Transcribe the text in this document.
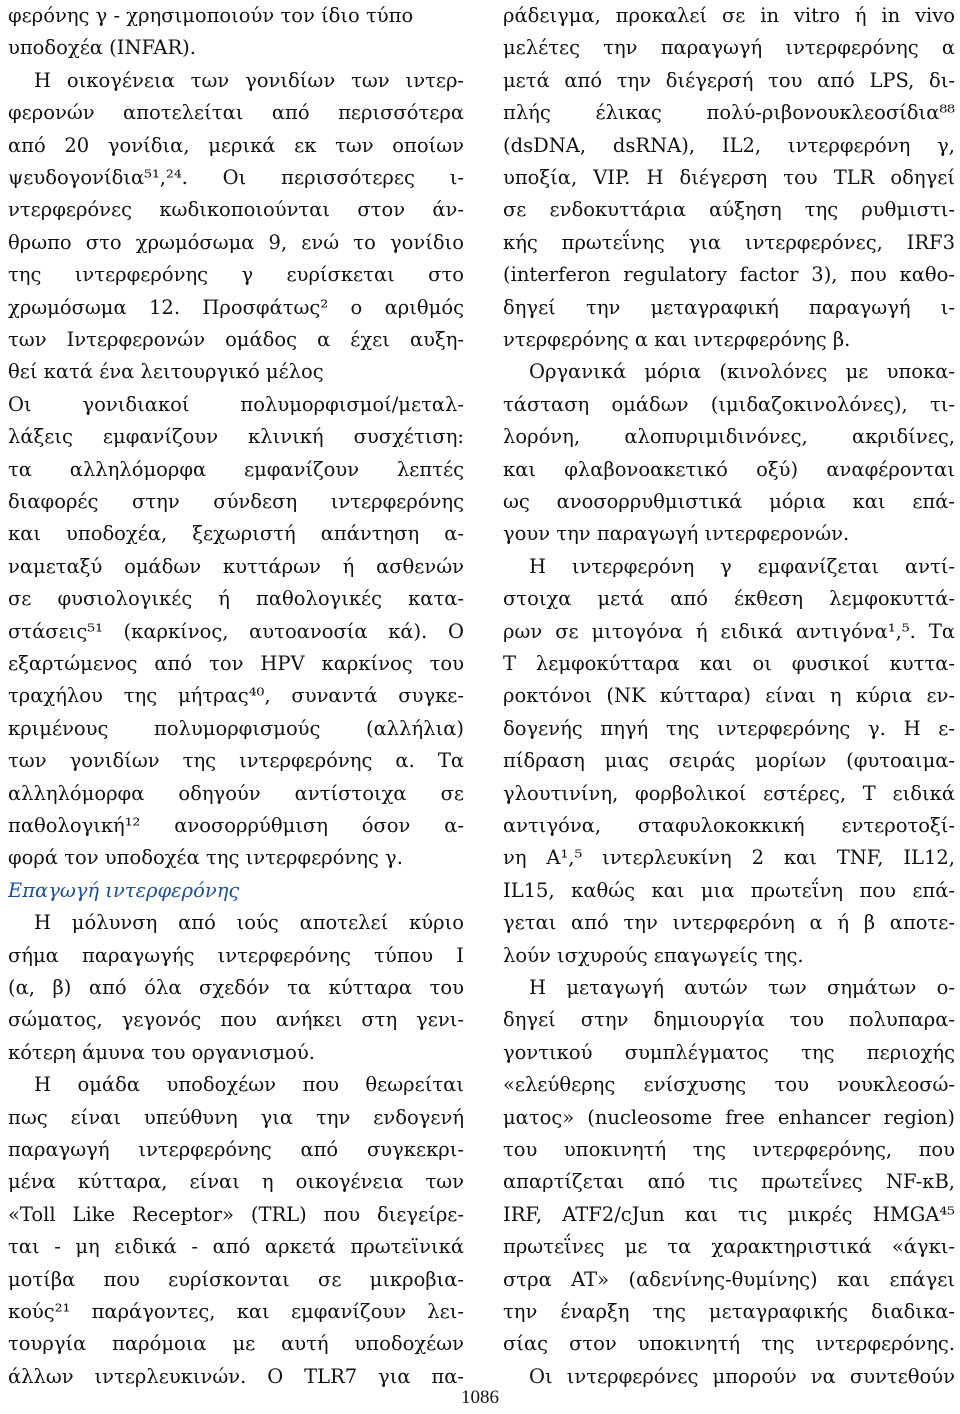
φερόνης γ - χρησιμοποιούν τον ίδιο τύπο
υποδοχέα (INFAR).
Η οικογένεια των γονιδίων των ιντερ-
φερονών αποτελείται από περισσότερα
από 20 γονίδια, μερικά εκ των οποίων
ψευδογονίδια⁵¹,²⁴. Οι περισσότερες ι-
ντερφερόνες κωδικοποιούνται στον άν-
θρωπο στο χρωμόσωμα 9, ενώ το γονίδιο
της ιντερφερόνης γ ευρίσκεται στο
χρωμόσωμα 12. Προσφάτως² ο αριθμός
των Ιντερφερονών ομάδος α έχει αυξη-
θεί κατά ένα λειτουργικό μέλος
Οι γονιδιακοί πολυμορφισμοί/μεταλ-
λάξεις εμφανίζουν κλινική συσχέτιση:
τα αλληλόμορφα εμφανίζουν λεπτές
διαφορές στην σύνδεση ιντερφερόνης
και υποδοχέα, ξεχωριστή απάντηση α-
ναμεταξύ ομάδων κυττάρων ή ασθενών
σε φυσιολογικές ή παθολογικές κατα-
στάσεις⁵¹ (καρκίνος, αυτοανοσία κά). Ο
εξαρτώμενος από τον HPV καρκίνος του
τραχήλου της μήτρας⁴⁰, συναντά συγκε-
κριμένους πολυμορφισμούς (αλλήλια)
των γονιδίων της ιντερφερόνης α. Τα
αλληλόμορφα οδηγούν αντίστοιχα σε
παθολογική¹² ανοσορρύθμιση όσον α-
φορά τον υποδοχέα της ιντερφερόνης γ.
Επαγωγή ιντερφερόνης
Η μόλυνση από ιούς αποτελεί κύριο
σήμα παραγωγής ιντερφερόνης τύπου Ι
(α, β) από όλα σχεδόν τα κύτταρα του
σώματος, γεγονός που ανήκει στη γενι-
κότερη άμυνα του οργανισμού.
Η ομάδα υποδοχέων που θεωρείται
πως είναι υπεύθυνη για την ενδογενή
παραγωγή ιντερφερόνης από συγκεκρι-
μένα κύτταρα, είναι η οικογένεια των
«Toll Like Receptor» (TRL) που διεγείρε-
ται - μη ειδικά - από αρκετά πρωτεϊνικά
μοτίβα που ευρίσκονται σε μικροβια-
κούς²¹ παράγοντες, και εμφανίζουν λει-
τουργία παρόμοια με αυτή υποδοχέων
άλλων ιντερλευκινών. Ο TLR7 για πα-
ράδειγμα, προκαλεί σε in vitro ή in vivo
μελέτες την παραγωγή ιντερφερόνης α
μετά από την διέγερσή του από LPS, δι-
πλής έλικας πολύ-ριβονουκλεοσίδια⁸⁸
(dsDNA, dsRNA), IL2, ιντερφερόνη γ,
υποξία, VIP. Η διέγερση του TLR οδηγεί
σε ενδοκυττάρια αύξηση της ρυθμιστι-
κής πρωτεΐνης για ιντερφερόνες, IRF3
(interferon regulatory factor 3), που καθο-
δηγεί την μεταγραφική παραγωγή ι-
ντερφερόνης α και ιντερφερόνης β.
Οργανικά μόρια (κινολόνες με υποκα-
τάσταση ομάδων (ιμιδαζοκινολόνες), τι-
λορόνη, αλοπυριμιδινόνες, ακριδίνες,
και φλαβονοακετικό οξύ) αναφέρονται
ως ανοσορρυθμιστικά μόρια και επά-
γουν την παραγωγή ιντερφερονών.
Η ιντερφερόνη γ εμφανίζεται αντί-
στοιχα μετά από έκθεση λεμφοκυττά-
ρων σε μιτογόνα ή ειδικά αντιγόνα¹,⁵. Τα
Τ λεμφοκύτταρα και οι φυσικοί κυττα-
ροκτόνοι (NK κύτταρα) είναι η κύρια εν-
δογενής πηγή της ιντερφερόνης γ. Η ε-
πίδραση μιας σειράς μορίων (φυτοαιμα-
γλουτινίνη, φορβολικοί εστέρες, Τ ειδικά
αντιγόνα, σταφυλοκοκκική εντεροτοξί-
νη Α¹,⁵ ιντερλευκίνη 2 και TNF, IL12,
IL15, καθώς και μια πρωτεΐνη που επά-
γεται από την ιντερφερόνη α ή β αποτε-
λούν ισχυρούς επαγωγείς της.
Η μεταγωγή αυτών των σημάτων ο-
δηγεί στην δημιουργία του πολυπαρα-
γοντικού συμπλέγματος της περιοχής
«ελεύθερης ενίσχυσης του νουκλεοσώ-
ματος» (nucleosome free enhancer region)
του υποκινητή της ιντερφερόνης, που
απαρτίζεται από τις πρωτεΐνες NF-κB,
IRF, ATF2/cJun και τις μικρές HMGA⁴⁵
πρωτεΐνες με τα χαρακτηριστικά «άγκι-
στρα AT» (αδενίνης-θυμίνης) και επάγει
την έναρξη της μεταγραφικής διαδικα-
σίας στον υποκινητή της ιντερφερόνης.
Οι ιντερφερόνες μπορούν να συντεθούν
1086
